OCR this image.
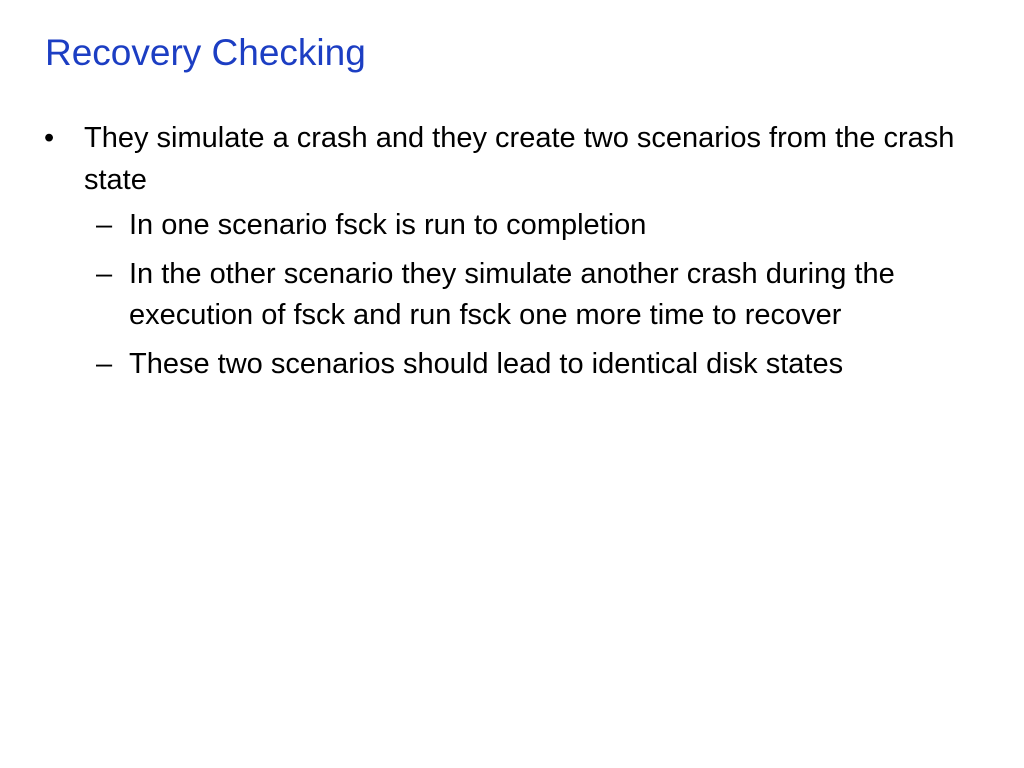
Recovery Checking
• They simulate a crash and they create two scenarios from the crash state
– In one scenario fsck is run to completion
– In the other scenario they simulate another crash during the execution of fsck and run fsck one more time to recover
– These two scenarios should lead to identical disk states
